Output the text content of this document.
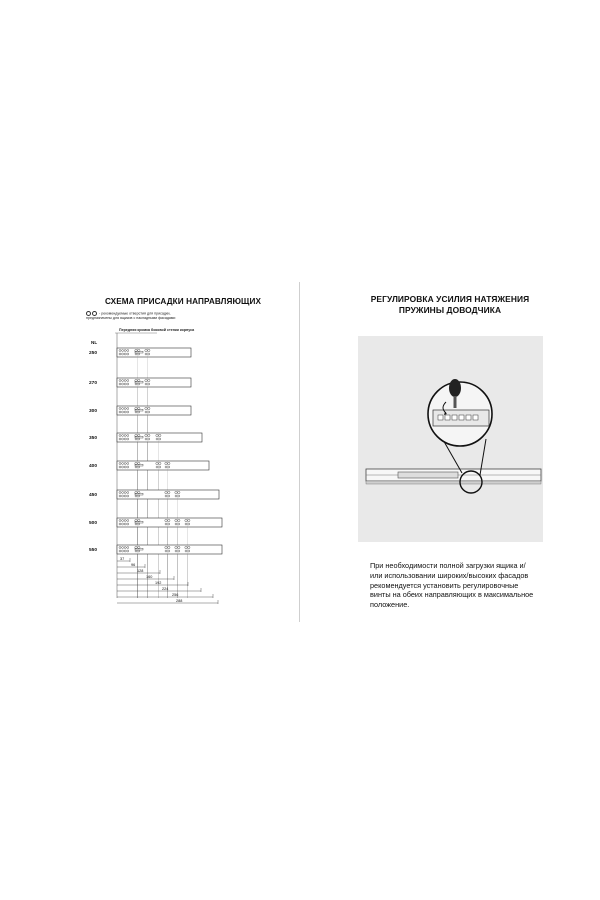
СХЕМА ПРИСАДКИ НАПРАВЛЯЮЩИХ
- рекомендуемые отверстия для присадки,
предназначены для ящиков с накладными фасадами
Передняя кромка боковой стенки корпуса
NL
250
270
300
350
400
450
500
550
37
96
128
160
192
224
256
288
РЕГУЛИРОВКА УСИЛИЯ НАТЯЖЕНИЯ
ПРУЖИНЫ ДОВОДЧИКА
При необходимости полной загрузки ящика и/или использовании широких/высоких фасадов рекомендуется установить регулировочные винты на обеих направляющих в максимальное положение.
